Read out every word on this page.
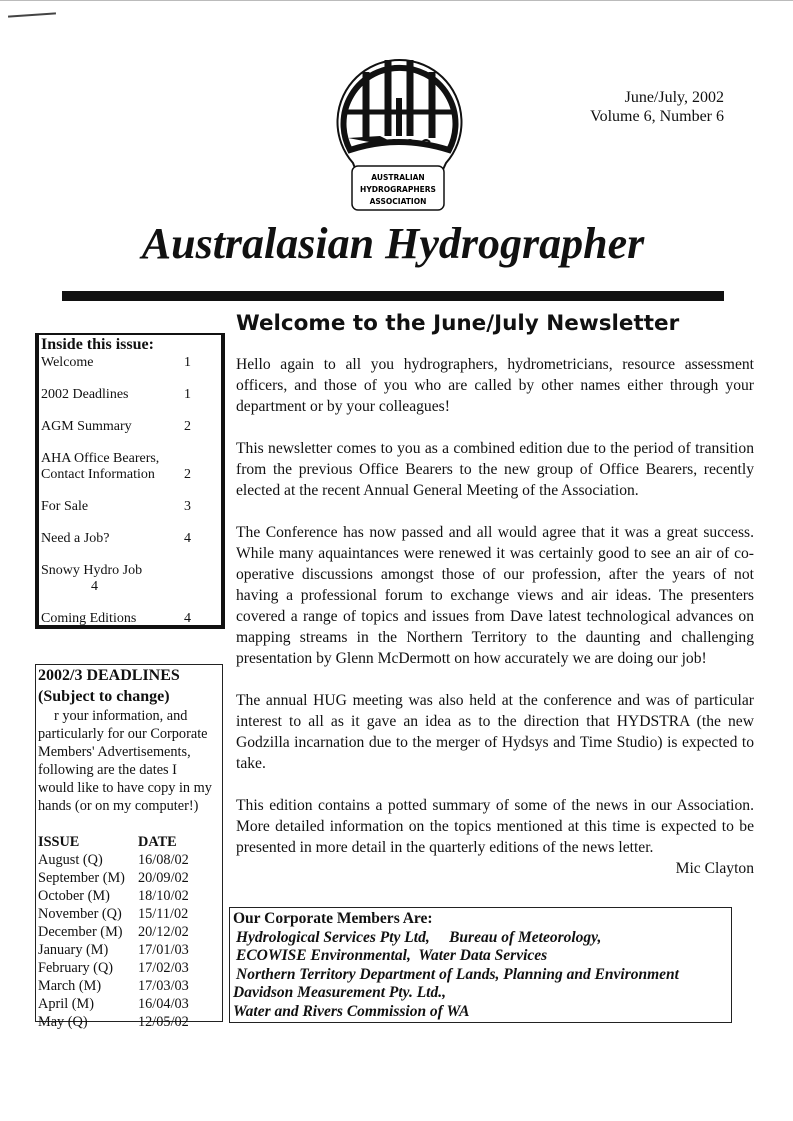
AUSTRALIAN
HYDROGRAPHERS
ASSOCIATION
June/July, 2002
Volume 6, Number 6
Australasian Hydrographer
Inside this issue:
Welcome	1
2002 Deadlines	1
AGM Summary	2
AHA Office Bearers,
Contact Information 2
For Sale	3
Need a Job?	4
Snowy Hydro Job
4
Coming Editions	4
2002/3 DEADLINES
(Subject to change)
r your information, and
particularly for our Corporate
Members' Advertisements,
following are the dates I
would like to have copy in my
hands (or on my computer!)
ISSUE	DATE
August (Q)	16/08/02
September (M) 20/09/02
October (M)	18/10/02
November (Q)	15/11/02
December (M)	20/12/02
January (M)	17/01/03
February (Q)	17/02/03
March (M)	17/03/03
April (M)	16/04/03
May (Q)	12/05/02
Welcome to the June/July Newsletter

Hello again to all you hydrographers, hydrometricians, resource assessment officers, and those of you who are called by other names either through your department or by your colleagues!

This newsletter comes to you as a combined edition due to the period of transition from the previous Office Bearers to the new group of Office Bearers, recently elected at the recent Annual General Meeting of the Association.

The Conference has now passed and all would agree that it was a great success. While many aquaintances were renewed it was certainly good to see an air of co-operative discussions amongst those of our profession, after the years of not having a professional forum to exchange views and air ideas. The presenters covered a range of topics and issues from Dave latest technological advances on mapping streams in the Northern Territory to the daunting and challenging presentation by Glenn McDermott on how accurately we are doing our job!

The annual HUG meeting was also held at the conference and was of particular interest to all as it gave an idea as to the direction that HYDSTRA (the new Godzilla incarnation due to the merger of Hydsys and Time Studio) is expected to take.

This edition contains a potted summary of some of the news in our Association. More detailed information on the topics mentioned at this time is expected to be presented in more detail in the quarterly editions of the news letter.

Mic Clayton
Our Corporate Members Are:
Hydrological Services Pty Ltd,     Bureau of Meteorology,
ECOWISE Environmental,  Water Data Services
Northern Territory Department of Lands, Planning and Environment
Davidson Measurement Pty. Ltd.,
Water and Rivers Commission of WA
